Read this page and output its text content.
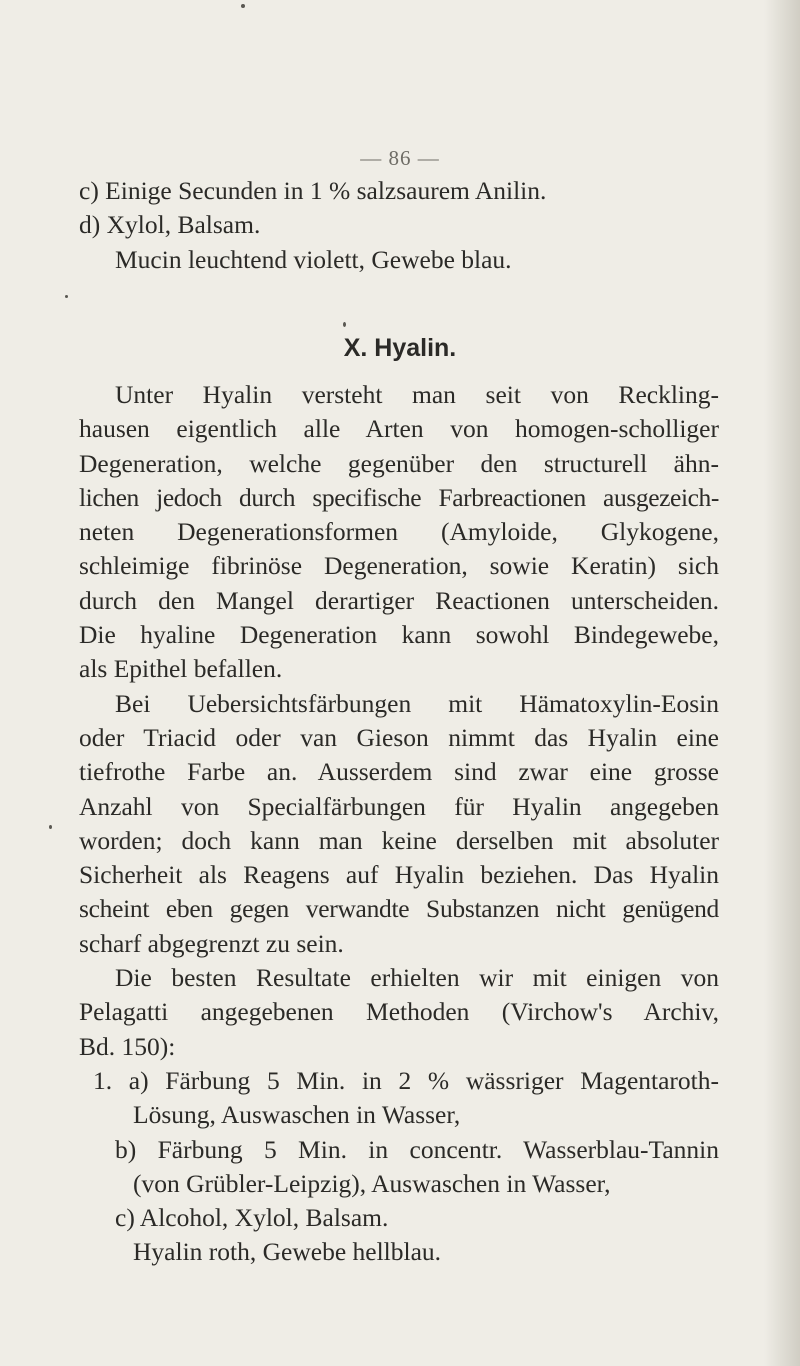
— 86 —
c) Einige Secunden in 1 % salzsaurem Anilin.
d) Xylol, Balsam.
Mucin leuchtend violett, Gewebe blau.
X. Hyalin.
Unter Hyalin versteht man seit von Reckling-
hausen eigentlich alle Arten von homogen-scholliger
Degeneration, welche gegenüber den structurell ähn-
lichen jedoch durch specifische Farbreactionen ausgezeich-
neten Degenerationsformen (Amyloide, Glykogene,
schleimige fibrinöse Degeneration, sowie Keratin) sich
durch den Mangel derartiger Reactionen unterscheiden.
Die hyaline Degeneration kann sowohl Bindegewebe,
als Epithel befallen.
Bei Uebersichtsfärbungen mit Hämatoxylin-Eosin
oder Triacid oder van Gieson nimmt das Hyalin eine
tiefrothe Farbe an. Ausserdem sind zwar eine grosse
Anzahl von Specialfärbungen für Hyalin angegeben
worden; doch kann man keine derselben mit absoluter
Sicherheit als Reagens auf Hyalin beziehen. Das Hyalin
scheint eben gegen verwandte Substanzen nicht genügend
scharf abgegrenzt zu sein.
Die besten Resultate erhielten wir mit einigen von
Pelagatti angegebenen Methoden (Virchow's Archiv,
Bd. 150):
1. a) Färbung 5 Min. in 2 % wässriger Magentaroth-
Lösung, Auswaschen in Wasser,
b) Färbung 5 Min. in concentr. Wasserblau-Tannin
(von Grübler-Leipzig), Auswaschen in Wasser,
c) Alcohol, Xylol, Balsam.
Hyalin roth, Gewebe hellblau.
